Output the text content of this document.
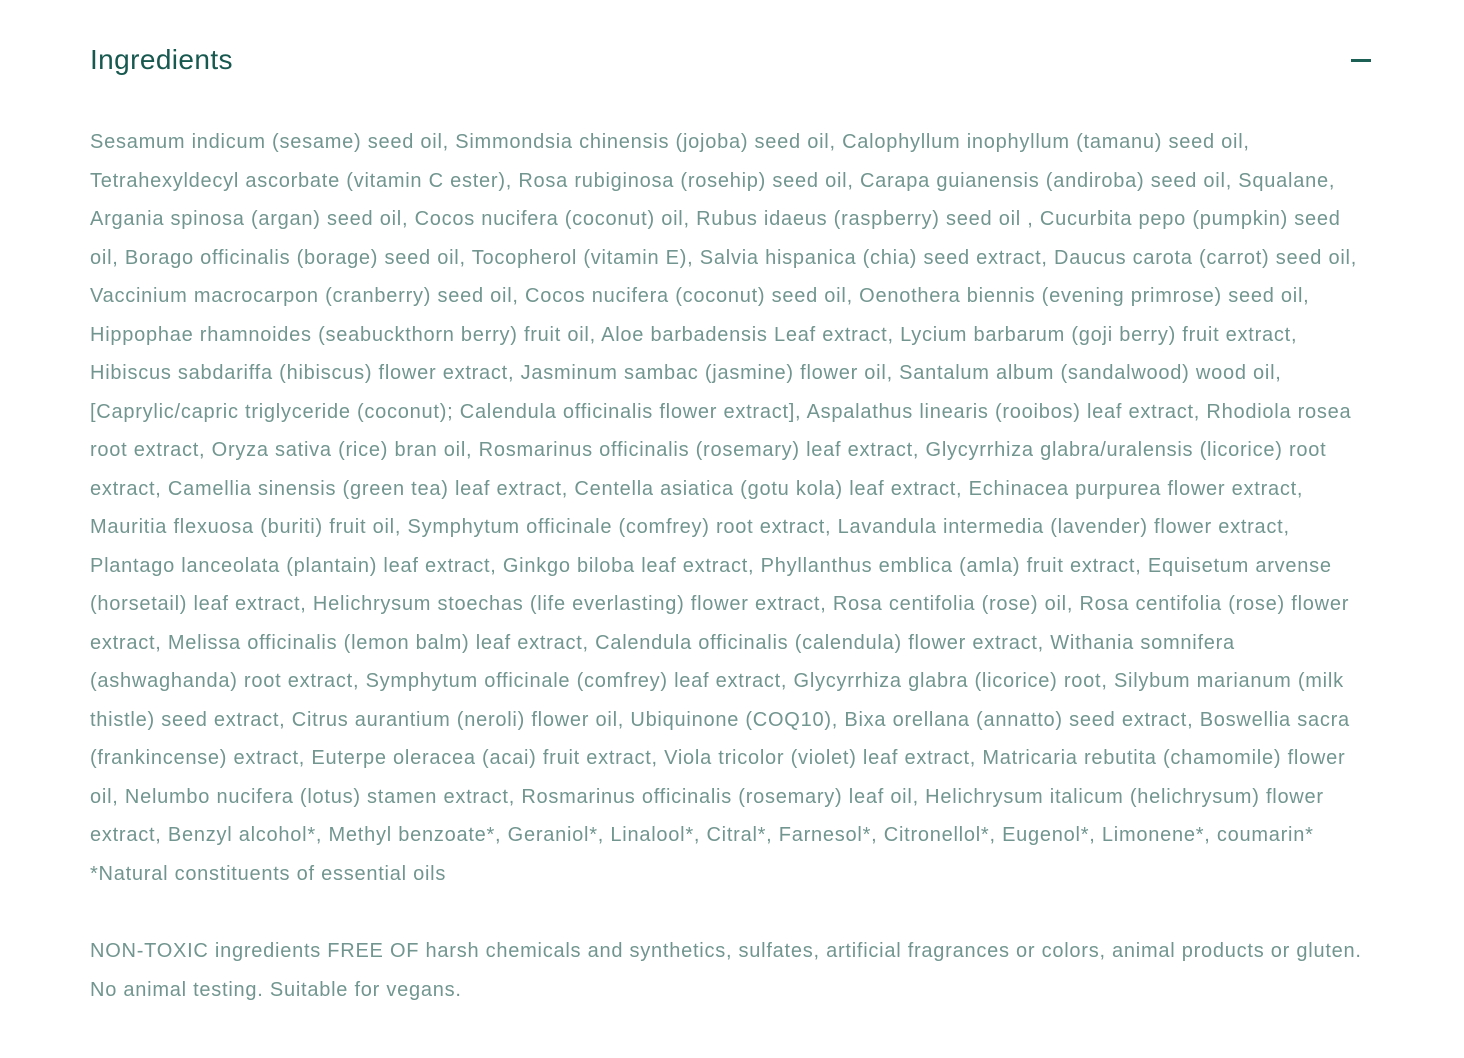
Ingredients
Sesamum indicum (sesame) seed oil, Simmondsia chinensis (jojoba) seed oil, Calophyllum inophyllum (tamanu) seed oil, Tetrahexyldecyl ascorbate (vitamin C ester), Rosa rubiginosa (rosehip) seed oil, Carapa guianensis (andiroba) seed oil, Squalane, Argania spinosa (argan) seed oil, Cocos nucifera (coconut) oil, Rubus idaeus (raspberry) seed oil , Cucurbita pepo (pumpkin) seed oil, Borago officinalis (borage) seed oil, Tocopherol (vitamin E), Salvia hispanica (chia) seed extract, Daucus carota (carrot) seed oil, Vaccinium macrocarpon (cranberry) seed oil, Cocos nucifera (coconut) seed oil, Oenothera biennis (evening primrose) seed oil, Hippophae rhamnoides (seabuckthorn berry) fruit oil, Aloe barbadensis Leaf extract, Lycium barbarum (goji berry) fruit extract, Hibiscus sabdariffa (hibiscus) flower extract, Jasminum sambac (jasmine) flower oil, Santalum album (sandalwood) wood oil, [Caprylic/capric triglyceride (coconut); Calendula officinalis flower extract], Aspalathus linearis (rooibos) leaf extract, Rhodiola rosea root extract, Oryza sativa (rice) bran oil, Rosmarinus officinalis (rosemary) leaf extract, Glycyrrhiza glabra/uralensis (licorice) root extract, Camellia sinensis (green tea) leaf extract, Centella asiatica (gotu kola) leaf extract, Echinacea purpurea flower extract, Mauritia flexuosa (buriti) fruit oil, Symphytum officinale (comfrey) root extract, Lavandula intermedia (lavender) flower extract, Plantago lanceolata (plantain) leaf extract, Ginkgo biloba leaf extract, Phyllanthus emblica (amla) fruit extract, Equisetum arvense (horsetail) leaf extract, Helichrysum stoechas (life everlasting) flower extract, Rosa centifolia (rose) oil, Rosa centifolia (rose) flower extract, Melissa officinalis (lemon balm) leaf extract, Calendula officinalis (calendula) flower extract, Withania somnifera (ashwaghanda) root extract, Symphytum officinale (comfrey) leaf extract, Glycyrrhiza glabra (licorice) root, Silybum marianum (milk thistle) seed extract, Citrus aurantium (neroli) flower oil, Ubiquinone (COQ10), Bixa orellana (annatto) seed extract, Boswellia sacra (frankincense) extract, Euterpe oleracea (acai) fruit extract, Viola tricolor (violet) leaf extract, Matricaria rebutita (chamomile) flower oil, Nelumbo nucifera (lotus) stamen extract, Rosmarinus officinalis (rosemary) leaf oil, Helichrysum italicum (helichrysum) flower extract, Benzyl alcohol*, Methyl benzoate*, Geraniol*, Linalool*, Citral*, Farnesol*, Citronellol*, Eugenol*, Limonene*, coumarin*
*Natural constituents of essential oils

NON-TOXIC ingredients FREE OF harsh chemicals and synthetics, sulfates, artificial fragrances or colors, animal products or gluten. No animal testing. Suitable for vegans.
